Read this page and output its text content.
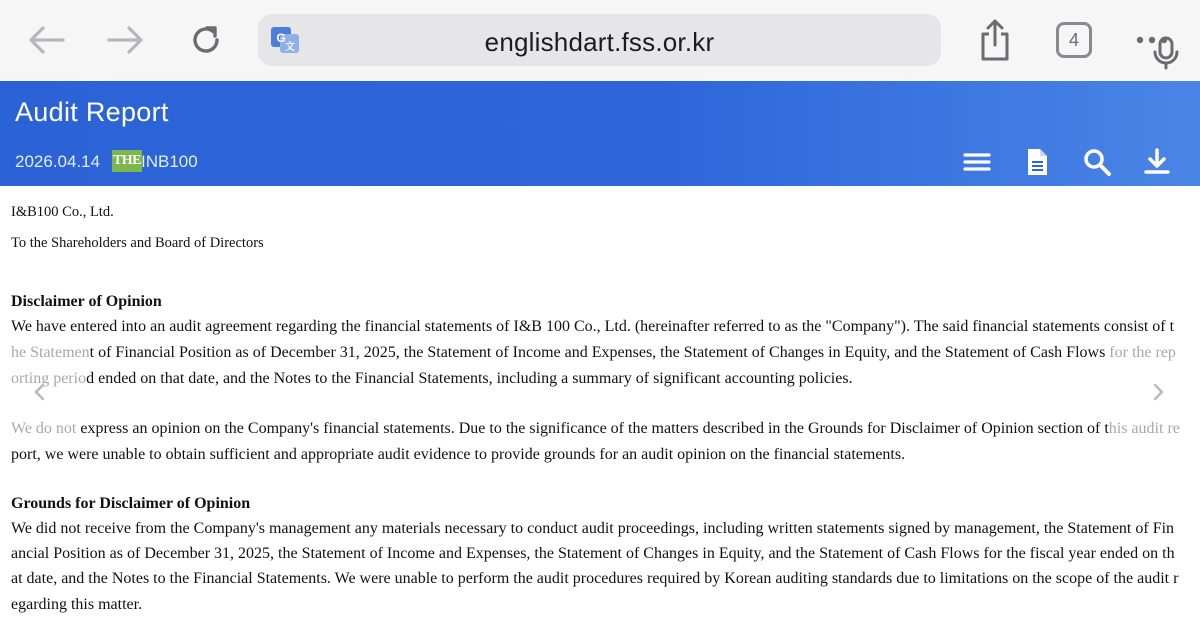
G
文	englishdart.fss.or.kr	4
Audit Report
2026.04.14 THE INB100

I&B100 Co., Ltd.

To the Shareholders and Board of Directors

Disclaimer of Opinion

We have entered into an audit agreement regarding the financial statements of I&B 100 Co., Ltd. (hereinafter referred to as the "Company"). The said financial statements consist of t

he Statement of Financial Position as of December 31, 2025, the Statement of Income and Expenses, the Statement of Changes in Equity, and the Statement of Cash Flows for the rep

orting period ended on that date, and the Notes to the Financial Statements, including a summary of significant accounting policies.

We do not express an opinion on the Company's financial statements. Due to the significance of the matters described in the Grounds for Disclaimer of Opinion section of this audit re

port, we were unable to obtain sufficient and appropriate audit evidence to provide grounds for an audit opinion on the financial statements.

Grounds for Disclaimer of Opinion

We did not receive from the Company's management any materials necessary to conduct audit proceedings, including written statements signed by management, the Statement of Fin

ancial Position as of December 31, 2025, the Statement of Income and Expenses, the Statement of Changes in Equity, and the Statement of Cash Flows for the fiscal year ended on th

at date, and the Notes to the Financial Statements. We were unable to perform the audit procedures required by Korean auditing standards due to limitations on the scope of the audit r

egarding this matter.
